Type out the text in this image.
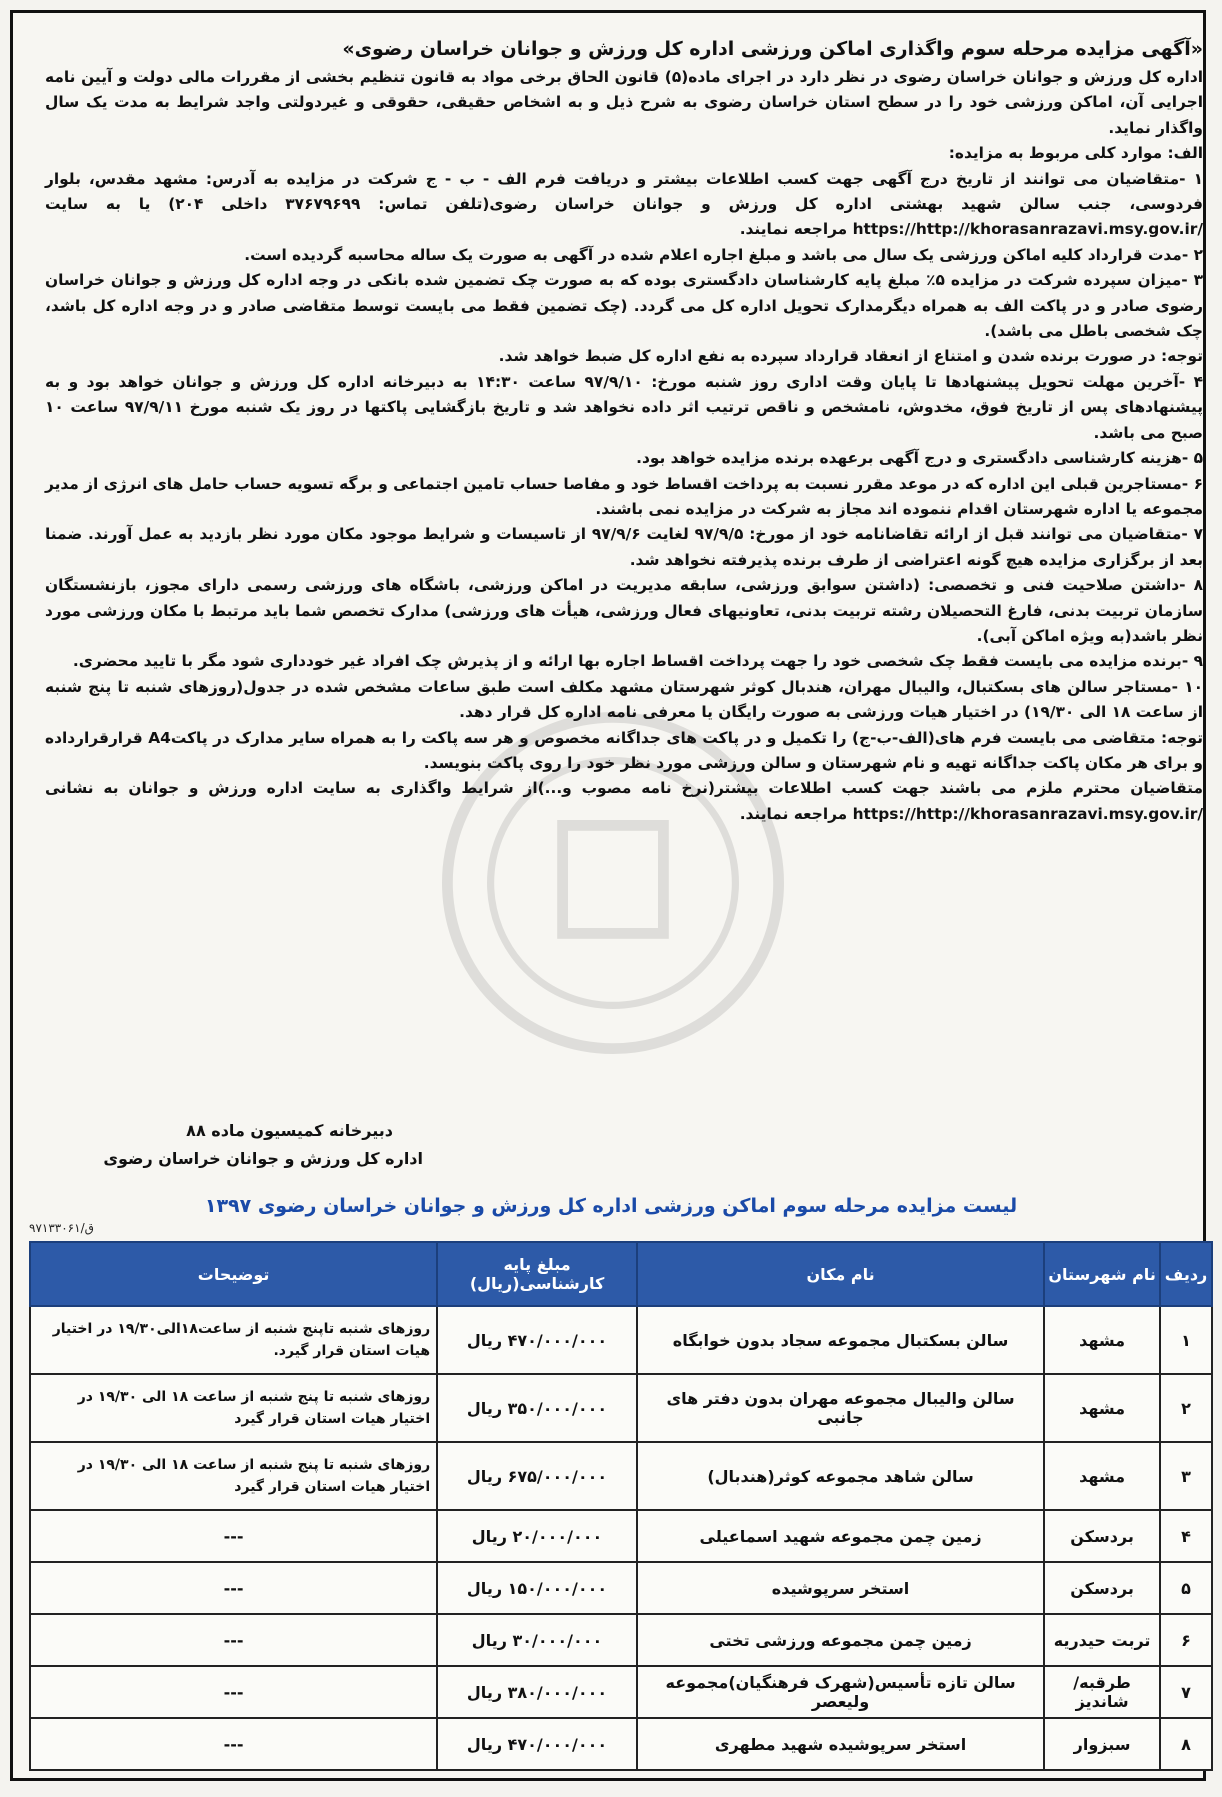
«آگهی مزایده مرحله سوم واگذاری اماکن ورزشی اداره کل ورزش و جوانان خراسان رضوی»

اداره کل ورزش و جوانان خراسان رضوی در نظر دارد در اجرای ماده(۵) قانون الحاق برخی مواد به قانون تنظیم بخشی از مقررات مالی دولت و آیین نامه اجرایی آن، اماکن ورزشی خود را در سطح استان خراسان رضوی به شرح ذیل و به اشخاص حقیقی، حقوقی و غیردولتی واجد شرایط به مدت یک سال واگذار نماید.

الف: موارد کلی مربوط به مزایده:

۱ -متقاضیان می توانند از تاریخ درج آگهی جهت کسب اطلاعات بیشتر و دریافت فرم الف - ب - ج شرکت در مزایده به آدرس: مشهد مقدس، بلوار فردوسی، جنب سالن شهید بهشتی اداره کل ورزش و جوانان خراسان رضوی(تلفن تماس: ۳۷۶۷۹۶۹۹ داخلی ۲۰۴) یا به سایت /https://http://khorasanrazavi.msy.gov.ir مراجعه نمایند.

۲ -مدت قرارداد کلیه اماکن ورزشی یک سال می باشد و مبلغ اجاره اعلام شده در آگهی به صورت یک ساله محاسبه گردیده است.

۳ -میزان سپرده شرکت در مزایده ۵٪ مبلغ پایه کارشناسان دادگستری بوده که به صورت چک تضمین شده بانکی در وجه اداره کل ورزش و جوانان خراسان رضوی صادر و در پاکت الف به همراه دیگرمدارک تحویل اداره کل می گردد. (چک تضمین فقط می بایست توسط متقاضی صادر و در وجه اداره کل باشد، چک شخصی باطل می باشد).

توجه: در صورت برنده شدن و امتناع از انعقاد قرارداد سپرده به نفع اداره کل ضبط خواهد شد.

۴ -آخرین مهلت تحویل پیشنهادها تا پایان وقت اداری روز شنبه مورخ: ۹۷/۹/۱۰ ساعت ۱۴:۳۰ به دبیرخانه اداره کل ورزش و جوانان خواهد بود و به پیشنهادهای پس از تاریخ فوق، مخدوش، نامشخص و ناقص ترتیب اثر داده نخواهد شد و تاریخ بازگشایی پاکتها در روز یک شنبه مورخ ۹۷/۹/۱۱ ساعت ۱۰ صبح می باشد.

۵ -هزینه کارشناسی دادگستری و درج آگهی برعهده برنده مزایده خواهد بود.

۶ -مستاجرین قبلی این اداره که در موعد مقرر نسبت به پرداخت اقساط خود و مفاصا حساب تامین اجتماعی و برگه تسویه حساب حامل های انرژی از مدیر مجموعه یا اداره شهرستان اقدام ننموده اند مجاز به شرکت در مزایده نمی باشند.

۷ -متقاضیان می توانند قبل از ارائه تقاضانامه خود از مورخ: ۹۷/۹/۵ لغایت ۹۷/۹/۶ از تاسیسات و شرایط موجود مکان مورد نظر بازدید به عمل آورند. ضمنا بعد از برگزاری مزایده هیچ گونه اعتراضی از طرف برنده پذیرفته نخواهد شد.

۸ -داشتن صلاحیت فنی و تخصصی: (داشتن سوابق ورزشی، سابقه مدیریت در اماکن ورزشی، باشگاه های ورزشی رسمی دارای مجوز، بازنشستگان سازمان تربیت بدنی، فارغ التحصیلان رشته تربیت بدنی، تعاونیهای فعال ورزشی، هیأت های ورزشی) مدارک تخصص شما باید مرتبط با مکان ورزشی مورد نظر باشد(به ویژه اماکن آبی).

۹ -برنده مزایده می بایست فقط چک شخصی خود را جهت پرداخت اقساط اجاره بها ارائه و از پذیرش چک افراد غیر خودداری شود مگر با تایید محضری.

۱۰ -مستاجر سالن های بسکتبال، والیبال مهران، هندبال کوثر شهرستان مشهد مکلف است طبق ساعات مشخص شده در جدول(روزهای شنبه تا پنج شنبه از ساعت ۱۸ الی ۱۹/۳۰) در اختیار هیات ورزشی به صورت رایگان یا معرفی نامه اداره کل قرار دهد.

توجه: متقاضی می بایست فرم های(الف-ب-ج) را تکمیل و در پاکت های جداگانه مخصوص و هر سه پاکت را به همراه سایر مدارک در پاکتA4 قرارقرارداده و برای هر مکان پاکت جداگانه تهیه و نام شهرستان و سالن ورزشی مورد نظر خود را روی پاکت بنویسد.

متقاضیان محترم ملزم می باشند جهت کسب اطلاعات بیشتر(نرخ نامه مصوب و...)از شرایط واگذاری به سایت اداره ورزش و جوانان به نشانی /https://http://khorasanrazavi.msy.gov.ir مراجعه نمایند.

دبیرخانه کمیسیون ماده ۸۸
اداره کل ورزش و جوانان خراسان رضوی
لیست مزایده مرحله سوم اماکن ورزشی اداره کل ورزش و جوانان خراسان رضوی ۱۳۹۷
۹۷۱۳۳۰۶۱/ق
ردیف	نام شهرستان	نام مکان	مبلغ پایه کارشناسی(ریال)	توضیحات
۱	مشهد	سالن بسکتبال مجموعه سجاد بدون خوابگاه	۴۷۰/۰۰۰/۰۰۰ ریال	روزهای شنبه تاپنج شنبه از ساعت۱۸الی۱۹/۳۰ در اختیار هیات استان قرار گیرد.
۲	مشهد	سالن والیبال مجموعه مهران بدون دفتر های جانبی	۳۵۰/۰۰۰/۰۰۰ ریال	روزهای شنبه تا پنج شنبه از ساعت ۱۸ الی ۱۹/۳۰ در اختیار هیات استان قرار گیرد
۳	مشهد	سالن شاهد مجموعه کوثر(هندبال)	۶۷۵/۰۰۰/۰۰۰ ریال	روزهای شنبه تا پنج شنبه از ساعت ۱۸ الی ۱۹/۳۰ در اختیار هیات استان قرار گیرد
۴	بردسکن	زمین چمن مجموعه شهید اسماعیلی	۲۰/۰۰۰/۰۰۰ ریال	---
۵	بردسکن	استخر سرپوشیده	۱۵۰/۰۰۰/۰۰۰ ریال	---
۶	تربت حیدریه	زمین چمن مجموعه ورزشی تختی	۳۰/۰۰۰/۰۰۰ ریال	---
۷	طرقبه/شاندیز	سالن تازه تأسیس(شهرک فرهنگیان)مجموعه ولیعصر	۳۸۰/۰۰۰/۰۰۰ ریال	---
۸	سبزوار	استخر سرپوشیده شهید مطهری	۴۷۰/۰۰۰/۰۰۰ ریال	---
